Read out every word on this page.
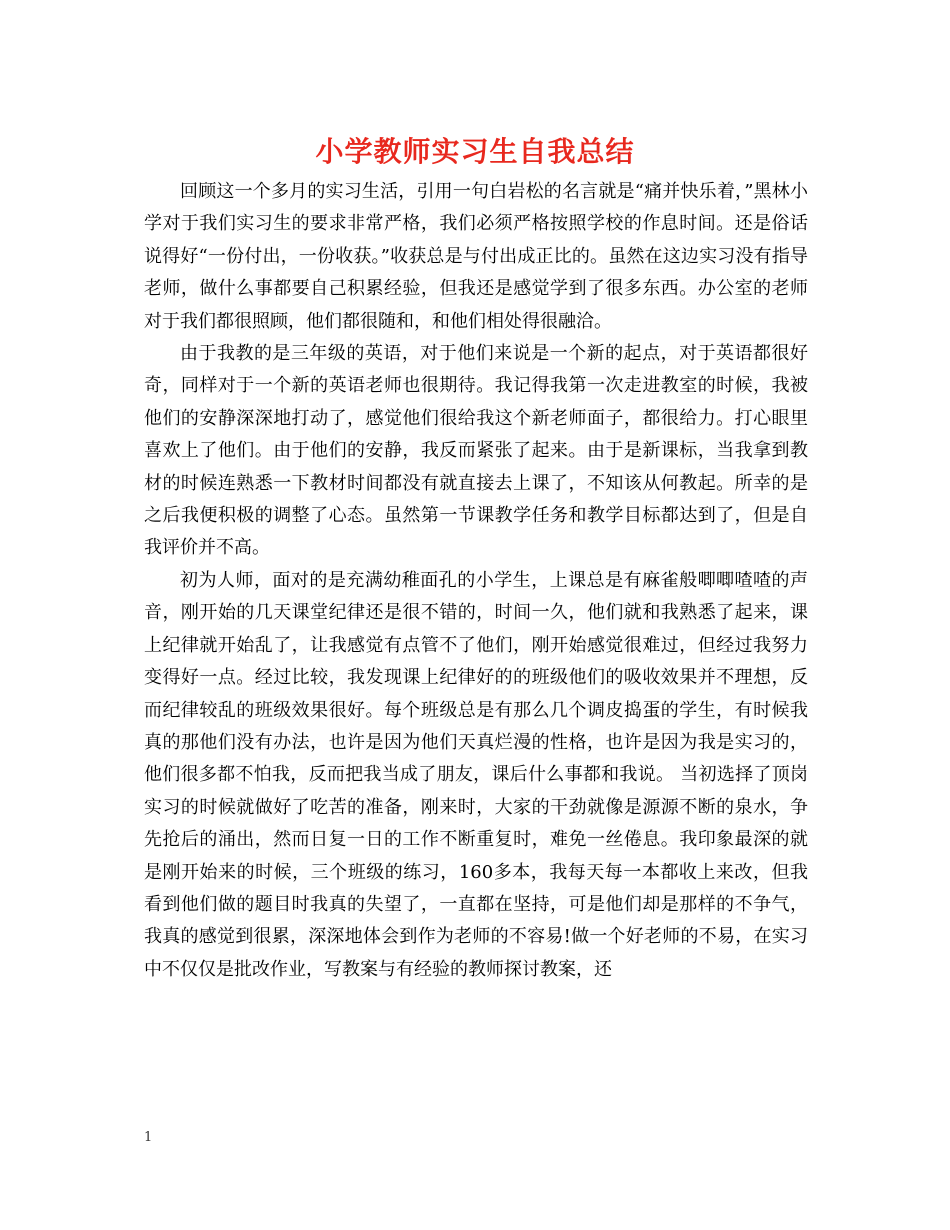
小学教师实习生自我总结

回顾这一个多月的实习生活，引用一句白岩松的名言就是“痛并快乐着，”黑林小学对于我们实习生的要求非常严格，我们必须严格按照学校的作息时间。还是俗话说得好“一份付出，一份收获。”收获总是与付出成正比的。虽然在这边实习没有指导老师，做什么事都要自己积累经验，但我还是感觉学到了很多东西。办公室的老师对于我们都很照顾，他们都很随和，和他们相处得很融洽。

由于我教的是三年级的英语，对于他们来说是一个新的起点，对于英语都很好奇，同样对于一个新的英语老师也很期待。我记得我第一次走进教室的时候，我被他们的安静深深地打动了，感觉他们很给我这个新老师面子，都很给力。打心眼里喜欢上了他们。由于他们的安静，我反而紧张了起来。由于是新课标，当我拿到教材的时候连熟悉一下教材时间都没有就直接去上课了，不知该从何教起。所幸的是之后我便积极的调整了心态。虽然第一节课教学任务和教学目标都达到了，但是自我评价并不高。

初为人师，面对的是充满幼稚面孔的小学生，上课总是有麻雀般唧唧喳喳的声音，刚开始的几天课堂纪律还是很不错的，时间一久，他们就和我熟悉了起来，课上纪律就开始乱了，让我感觉有点管不了他们，刚开始感觉很难过，但经过我努力变得好一点。经过比较，我发现课上纪律好的的班级他们的吸收效果并不理想，反而纪律较乱的班级效果很好。每个班级总是有那么几个调皮捣蛋的学生，有时候我真的那他们没有办法，也许是因为他们天真烂漫的性格，也许是因为我是实习的，他们很多都不怕我，反而把我当成了朋友，课后什么事都和我说。 当初选择了顶岗实习的时候就做好了吃苦的准备，刚来时，大家的干劲就像是源源不断的泉水，争先抢后的涌出，然而日复一日的工作不断重复时，难免一丝倦息。我印象最深的就是刚开始来的时候，三个班级的练习，160多本，我每天每一本都收上来改，但我看到他们做的题目时我真的失望了，一直都在坚持，可是他们却是那样的不争气，我真的感觉到很累，深深地体会到作为老师的不容易!做一个好老师的不易，在实习中不仅仅是批改作业，写教案与有经验的教师探讨教案，还

1
